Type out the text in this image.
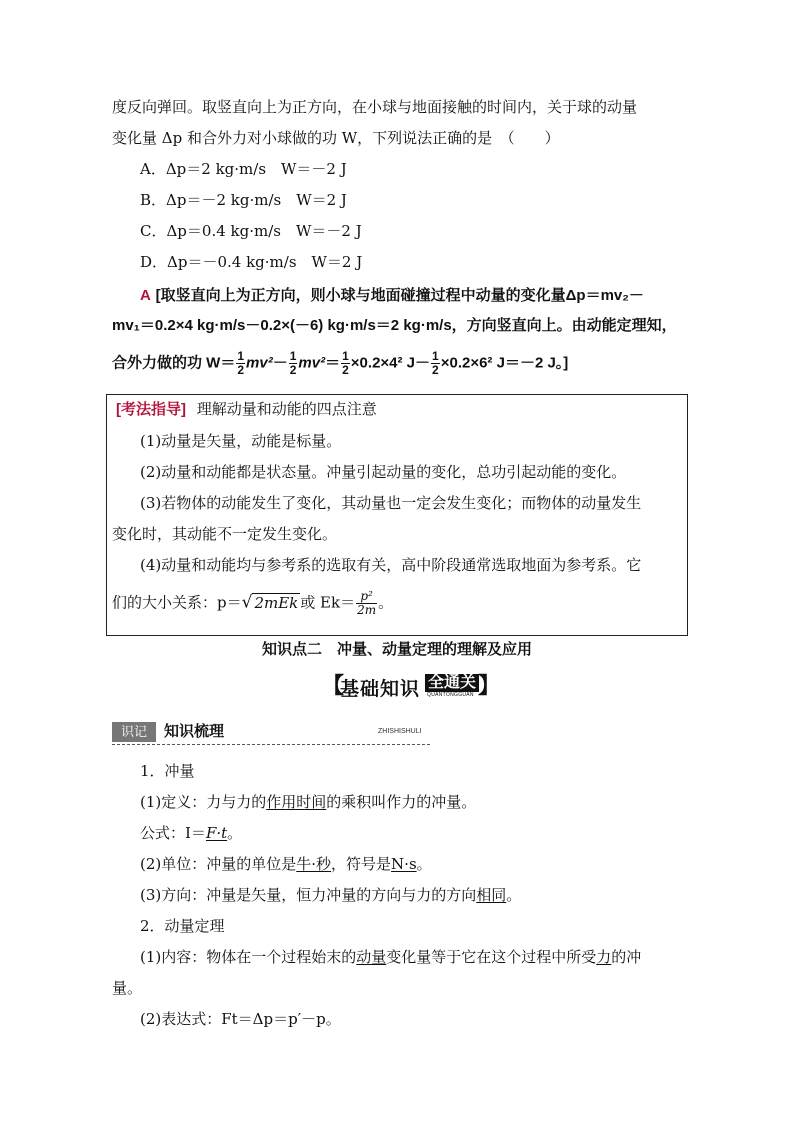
度反向弹回。取竖直向上为正方向，在小球与地面接触的时间内，关于球的动量
变化量 Δp 和合外力对小球做的功 W，下列说法正确的是　（　　）
A．Δp＝2 kg·m/s　W＝－2 J
B．Δp＝－2 kg·m/s　W＝2 J
C．Δp＝0.4 kg·m/s　W＝－2 J
D．Δp＝－0.4 kg·m/s　W＝2 J
A [取竖直向上为正方向，则小球与地面碰撞过程中动量的变化量Δp＝mv₂－
mv₁＝0.2×4 kg·m/s－0.2×(－6) kg·m/s＝2 kg·m/s，方向竖直向上。由动能定理知，
合外力做的功 $W= \frac{1}{2} mv^2- \frac{1}{2} mv^2= \frac{1}{2} \times 0.2\times 4^2$ $J- \frac{1}{2} \times 0.2\times 6^2$ J＝－2 J。]
[考法指导] 理解动量和动能的四点注意
(1)动量是矢量，动能是标量。
(2)动量和动能都是状态量。冲量引起动量的变化，总功引起动能的变化。
(3)若物体的动能发生了变化，其动量也一定会发生变化；而物体的动量发生
变化时，其动能不一定发生变化。
(4)动量和动能均与参考系的选取有关，高中阶段通常选取地面为参考系。它
们的大小关系：p＝√ 2mEk 或 $Ek= \frac{\text{p²}}{2m}$ 。
知识点二　冲量、动量定理的理解及应用
【
基础知识 全通关
QUANTONGGUAN 】
识记	知识梳理	ZHISHISHULI
1．冲量
(1)定义：力与力的作用时间的乘积叫作力的冲量。
公式：I＝F·t。
(2)单位：冲量的单位是牛·秒，符号是N·s。
(3)方向：冲量是矢量，恒力冲量的方向与力的方向相同。
2．动量定理
(1)内容：物体在一个过程始末的动量变化量等于它在这个过程中所受力的冲
量。
(2)表达式：Ft＝Δp＝p′－p。
